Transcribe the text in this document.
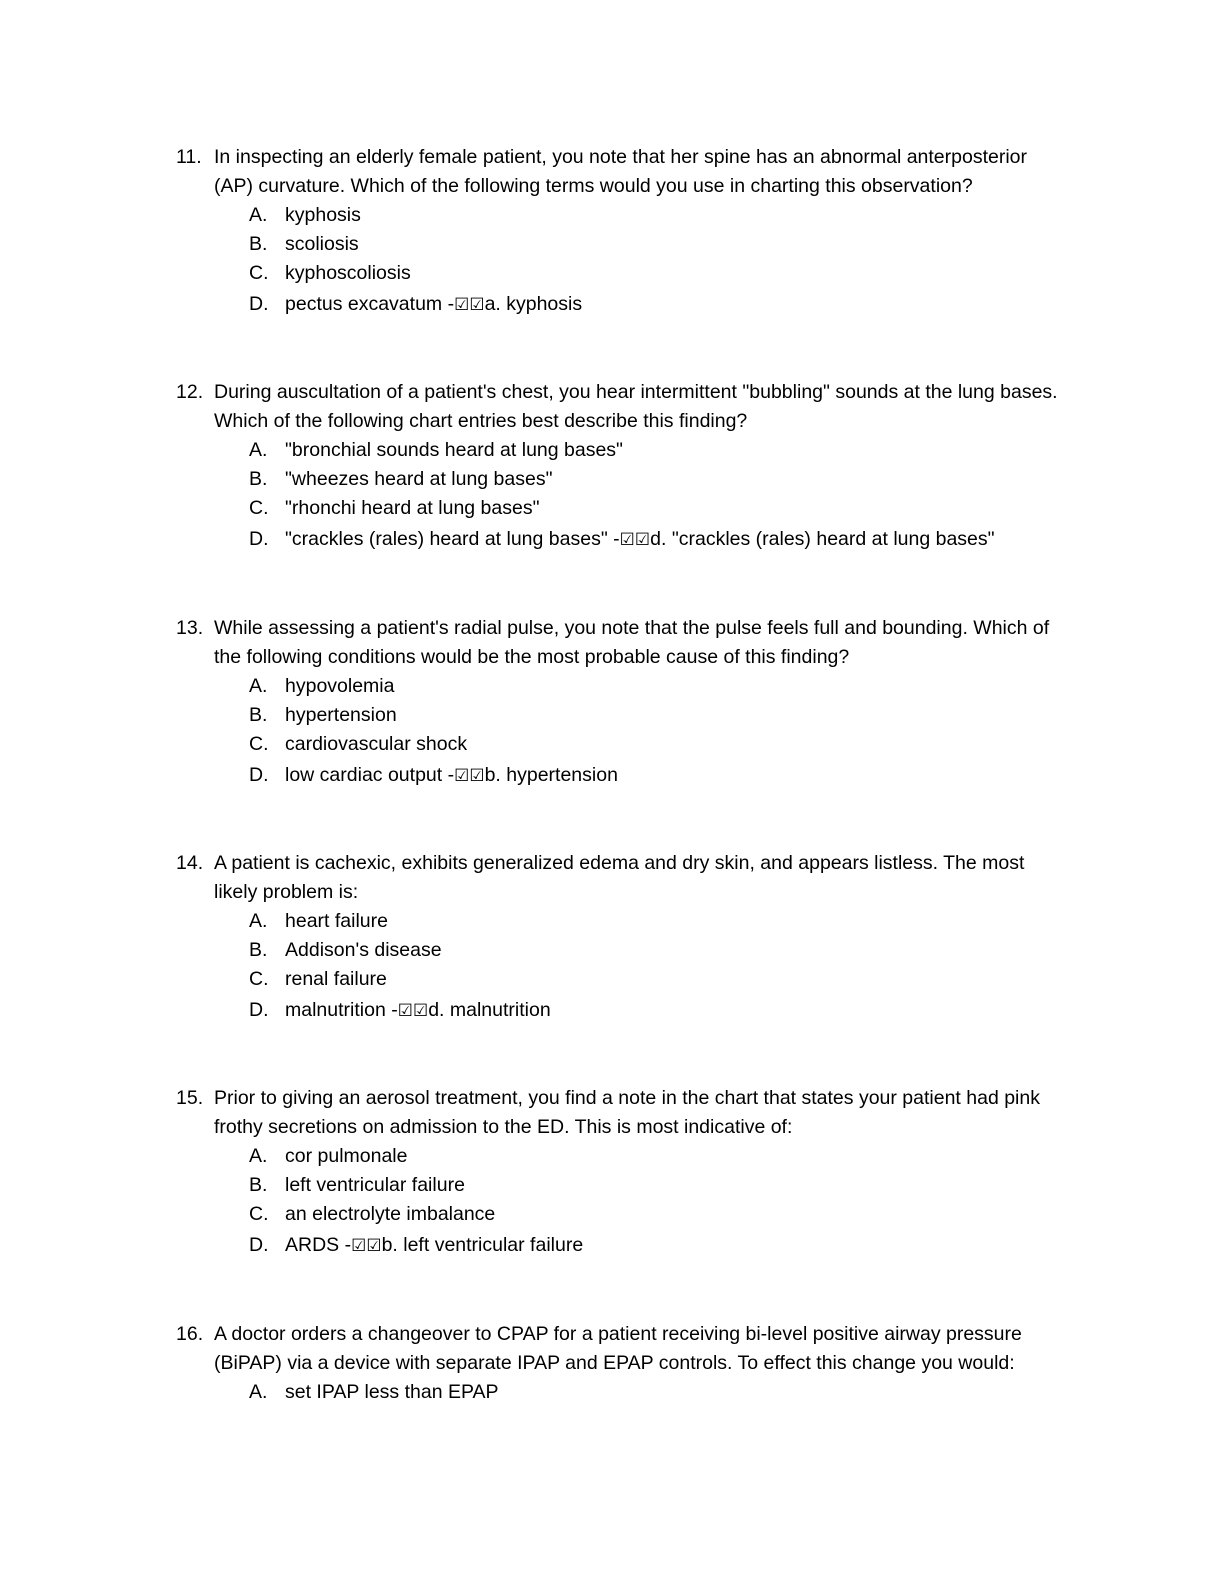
11. In inspecting an elderly female patient, you note that her spine has an abnormal anterposterior (AP) curvature. Which of the following terms would you use in charting this observation?
A. kyphosis
B. scoliosis
C. kyphoscoliosis
D. pectus excavatum -☑☑a. kyphosis
12. During auscultation of a patient's chest, you hear intermittent "bubbling" sounds at the lung bases. Which of the following chart entries best describe this finding?
A. "bronchial sounds heard at lung bases"
B. "wheezes heard at lung bases"
C. "rhonchi heard at lung bases"
D. "crackles (rales) heard at lung bases" -☑☑d. "crackles (rales) heard at lung bases"
13. While assessing a patient's radial pulse, you note that the pulse feels full and bounding. Which of the following conditions would be the most probable cause of this finding?
A. hypovolemia
B. hypertension
C. cardiovascular shock
D. low cardiac output -☑☑b. hypertension
14. A patient is cachexic, exhibits generalized edema and dry skin, and appears listless. The most likely problem is:
A. heart failure
B. Addison's disease
C. renal failure
D. malnutrition -☑☑d. malnutrition
15. Prior to giving an aerosol treatment, you find a note in the chart that states your patient had pink frothy secretions on admission to the ED. This is most indicative of:
A. cor pulmonale
B. left ventricular failure
C. an electrolyte imbalance
D. ARDS -☑☑b. left ventricular failure
16. A doctor orders a changeover to CPAP for a patient receiving bi-level positive airway pressure (BiPAP) via a device with separate IPAP and EPAP controls. To effect this change you would:
A. set IPAP less than EPAP
